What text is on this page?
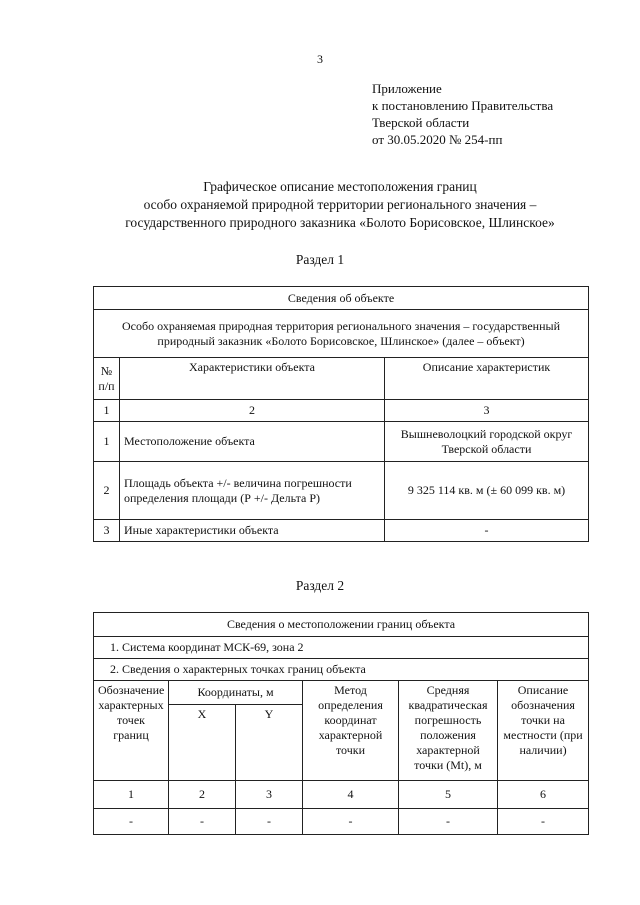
3
Приложение
к постановлению Правительства
Тверской области
от 30.05.2020 № 254-пп
Графическое описание местоположения границ
особо охраняемой природной территории регионального значения –
государственного природного заказника «Болото Борисовское, Шлинское»
Раздел 1
Сведения об объекте		
Особо охраняемая природная территория регионального значения – государственный природный заказник «Болото Борисовское, Шлинское» (далее – объект)		
№ п/п	Характеристики объекта	Описание характеристик
1	2	3
1	Местоположение объекта	Вышневолоцкий городской округ Тверской области
2	Площадь объекта +/- величина погрешности определения площади (Р +/- Дельта Р)	9 325 114 кв. м (± 60 099 кв. м)
3	Иные характеристики объекта	-
Раздел 2
Сведения о местоположении границ объекта					
1. Система координат МСК-69, зона 2					
2. Сведения о характерных точках границ объекта					
Обозначение характерных точек границ	Координаты, м		Метод определения координат характерной точки	Средняя квадратическая погрешность положения характерной точки (Mt), м	Описание обозначения точки на местности (при наличии)
	X	Y			
1	2	3	4	5	6
-	-	-	-	-	-
